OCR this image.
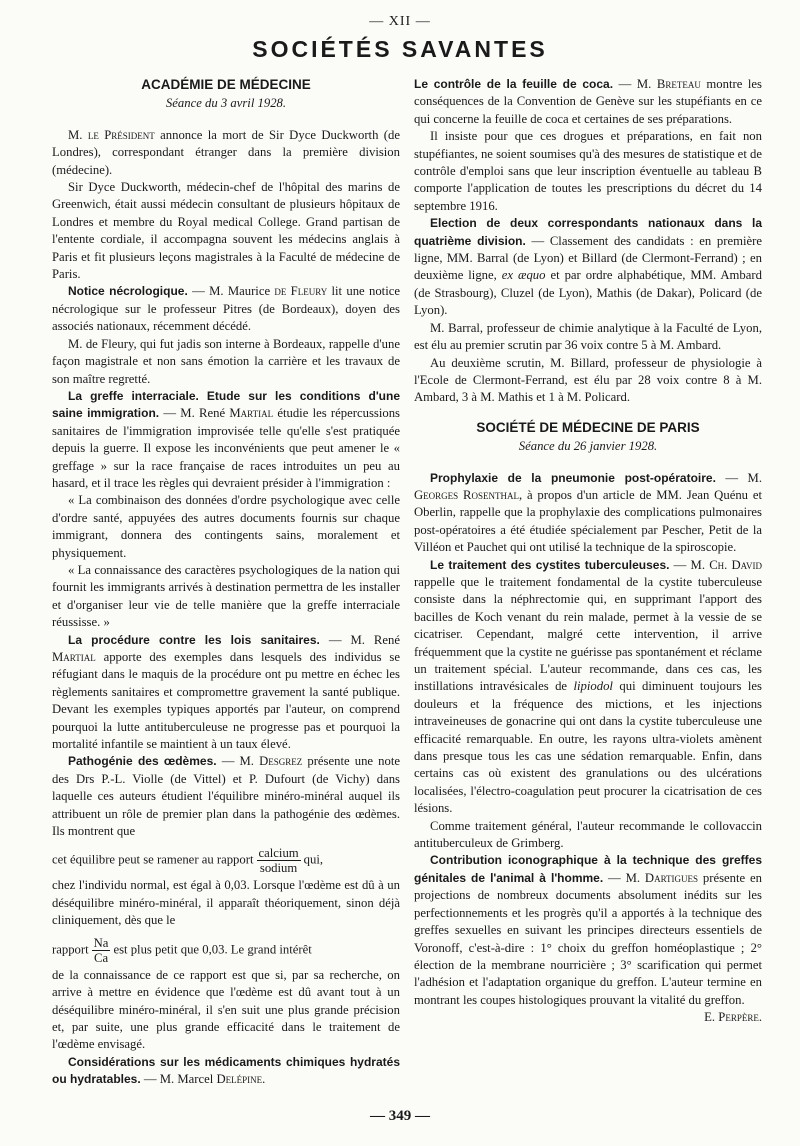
— XII —
SOCIÉTÉS SAVANTES
ACADÉMIE DE MÉDECINE
Séance du 3 avril 1928.

M. le Président annonce la mort de Sir Dyce Duckworth (de Londres), correspondant étranger dans la première division (médecine).

Sir Dyce Duckworth, médecin-chef de l'hôpital des marins de Greenwich, était aussi médecin consultant de plusieurs hôpitaux de Londres et membre du Royal medical College. Grand partisan de l'entente cordiale, il accompagna souvent les médecins anglais à Paris et fit plusieurs leçons magistrales à la Faculté de médecine de Paris.

Notice nécrologique. — M. Maurice de Fleury lit une notice nécrologique sur le professeur Pitres (de Bordeaux), doyen des associés nationaux, récemment décédé.

M. de Fleury, qui fut jadis son interne à Bordeaux, rappelle d'une façon magistrale et non sans émotion la carrière et les travaux de son maître regretté.

La greffe interraciale. Etude sur les conditions d'une saine immigration. — M. René Martial étudie les répercussions sanitaires de l'immigration improvisée telle qu'elle s'est pratiquée depuis la guerre. Il expose les inconvénients que peut amener le « greffage » sur la race française de races introduites un peu au hasard, et il trace les règles qui devraient présider à l'immigration :

« La combinaison des données d'ordre psychologique avec celle d'ordre santé, appuyées des autres documents fournis sur chaque immigrant, donnera des contingents sains, moralement et physiquement.

« La connaissance des caractères psychologiques de la nation qui fournit les immigrants arrivés à destination permettra de les installer et d'organiser leur vie de telle manière que la greffe interraciale réussisse. »

La procédure contre les lois sanitaires. — M. René Martial apporte des exemples dans lesquels des individus se réfugiant dans le maquis de la procédure ont pu mettre en échec les règlements sanitaires et compromettre gravement la santé publique. Devant les exemples typiques apportés par l'auteur, on comprend pourquoi la lutte antituberculeuse ne progresse pas et pourquoi la mortalité infantile se maintient à un taux élevé.

Pathogénie des œdèmes. — M. Desgrez présente une note des Drs P.-L. Violle (de Vittel) et P. Dufourt (de Vichy) dans laquelle ces auteurs étudient l'équilibre minéro-minéral auquel ils attribuent un rôle de premier plan dans la pathogénie des œdèmes. Ils montrent que

cet équilibre peut se ramener au rapport $\frac{\text{calcium}}{\text{sodium}}$ qui,

chez l'individu normal, est égal à 0,03. Lorsque l'œdème est dû à un déséquilibre minéro-minéral, il apparaît théoriquement, sinon déjà cliniquement, dès que le

rapport $\frac{Na}{Ca}$ est plus petit que 0,03. Le grand intérêt

de la connaissance de ce rapport est que si, par sa recherche, on arrive à mettre en évidence que l'œdème est dû avant tout à un déséquilibre minéro-minéral, il s'en suit une plus grande précision et, par suite, une plus grande efficacité dans le traitement de l'œdème envisagé.

Considérations sur les médicaments chimiques hydratés ou hydratables. — M. Marcel Delépine.

Le contrôle de la feuille de coca. — M. Breteau montre les conséquences de la Convention de Genève sur les stupéfiants en ce qui concerne la feuille de coca et certaines de ses préparations.

Il insiste pour que ces drogues et préparations, en fait non stupéfiantes, ne soient soumises qu'à des mesures de statistique et de contrôle d'emploi sans que leur inscription éventuelle au tableau B comporte l'application de toutes les prescriptions du décret du 14 septembre 1916.

Election de deux correspondants nationaux dans la quatrième division. — Classement des candidats : en première ligne, MM. Barral (de Lyon) et Billard (de Clermont-Ferrand) ; en deuxième ligne, ex æquo et par ordre alphabétique, MM. Ambard (de Strasbourg), Cluzel (de Lyon), Mathis (de Dakar), Policard (de Lyon).

M. Barral, professeur de chimie analytique à la Faculté de Lyon, est élu au premier scrutin par 36 voix contre 5 à M. Ambard.

Au deuxième scrutin, M. Billard, professeur de physiologie à l'Ecole de Clermont-Ferrand, est élu par 28 voix contre 8 à M. Ambard, 3 à M. Mathis et 1 à M. Policard.

SOCIÉTÉ DE MÉDECINE DE PARIS
Séance du 26 janvier 1928.

Prophylaxie de la pneumonie post-opératoire. — M. Georges Rosenthal, à propos d'un article de MM. Jean Quénu et Oberlin, rappelle que la prophylaxie des complications pulmonaires post-opératoires a été étudiée spécialement par Pescher, Petit de la Villéon et Pauchet qui ont utilisé la technique de la spiroscopie.

Le traitement des cystites tuberculeuses. — M. Ch. David rappelle que le traitement fondamental de la cystite tuberculeuse consiste dans la néphrectomie qui, en supprimant l'apport des bacilles de Koch venant du rein malade, permet à la vessie de se cicatriser. Cependant, malgré cette intervention, il arrive fréquemment que la cystite ne guérisse pas spontanément et réclame un traitement spécial. L'auteur recommande, dans ces cas, les instillations intravésicales de lipiodol qui diminuent toujours les douleurs et la fréquence des mictions, et les injections intraveineuses de gonacrine qui ont dans la cystite tuberculeuse une efficacité remarquable. En outre, les rayons ultra-violets amènent dans presque tous les cas une sédation remarquable. Enfin, dans certains cas où existent des granulations ou des ulcérations localisées, l'électro-coagulation peut procurer la cicatrisation de ces lésions.

Comme traitement général, l'auteur recommande le collovaccin antituberculeux de Grimberg.

Contribution iconographique à la technique des greffes génitales de l'animal à l'homme. — M. Dartigues présente en projections de nombreux documents absolument inédits sur les perfectionnements et les progrès qu'il a apportés à la technique des greffes sexuelles en suivant les principes directeurs essentiels de Voronoff, c'est-à-dire : 1° choix du greffon homéoplastique ; 2° élection de la membrane nourricière ; 3° scarification qui permet l'adhésion et l'adaptation organique du greffon. L'auteur termine en montrant les coupes histologiques prouvant la vitalité du greffon.

E. Perpère.
— 349 —
